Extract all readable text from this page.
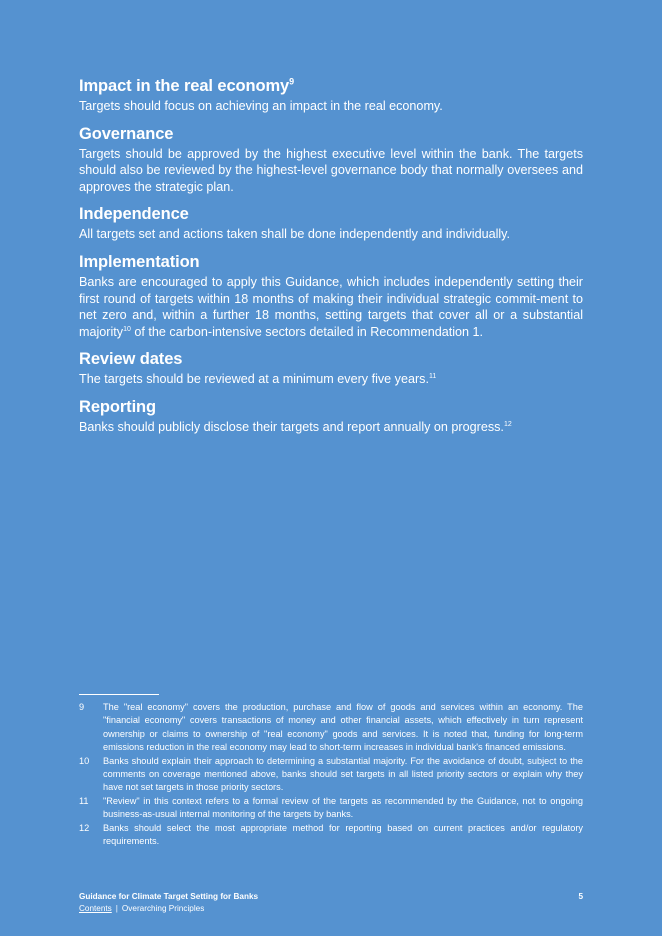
Impact in the real economy$^9$

Targets should focus on achieving an impact in the real economy.

Governance

Targets should be approved by the highest executive level within the bank. The targets should also be reviewed by the highest-level governance body that normally oversees and approves the strategic plan.

Independence

All targets set and actions taken shall be done independently and individually.

Implementation

Banks are encouraged to apply this Guidance, which includes independently setting their first round of targets within 18 months of making their individual strategic commit-ment to net zero and, within a further 18 months, setting targets that cover all or a substantial majority$^{10}$ of the carbon-intensive sectors detailed in Recommendation 1.

Review dates

The targets should be reviewed at a minimum every five years.$^{11}$

Reporting

Banks should publicly disclose their targets and report annually on progress.$^{12}$

9	The "real economy" covers the production, purchase and flow of goods and services within an economy. The "financial economy" covers transactions of money and other financial assets, which effectively in turn represent ownership or claims to ownership of "real economy" goods and services. It is noted that, funding for long-term emissions reduction in the real economy may lead to short-term increases in individual bank's financed emissions.
10	Banks should explain their approach to determining a substantial majority. For the avoidance of doubt, subject to the comments on coverage mentioned above, banks should set targets in all listed priority sectors or explain why they have not set targets in those priority sectors.
11	"Review" in this context refers to a formal review of the targets as recommended by the Guidance, not to ongoing business-as-usual internal monitoring of the targets by banks.
12	Banks should select the most appropriate method for reporting based on current practices and/or regulatory requirements.
Guidance for Climate Target Setting for Banks
Contents | Overarching Principles
5
